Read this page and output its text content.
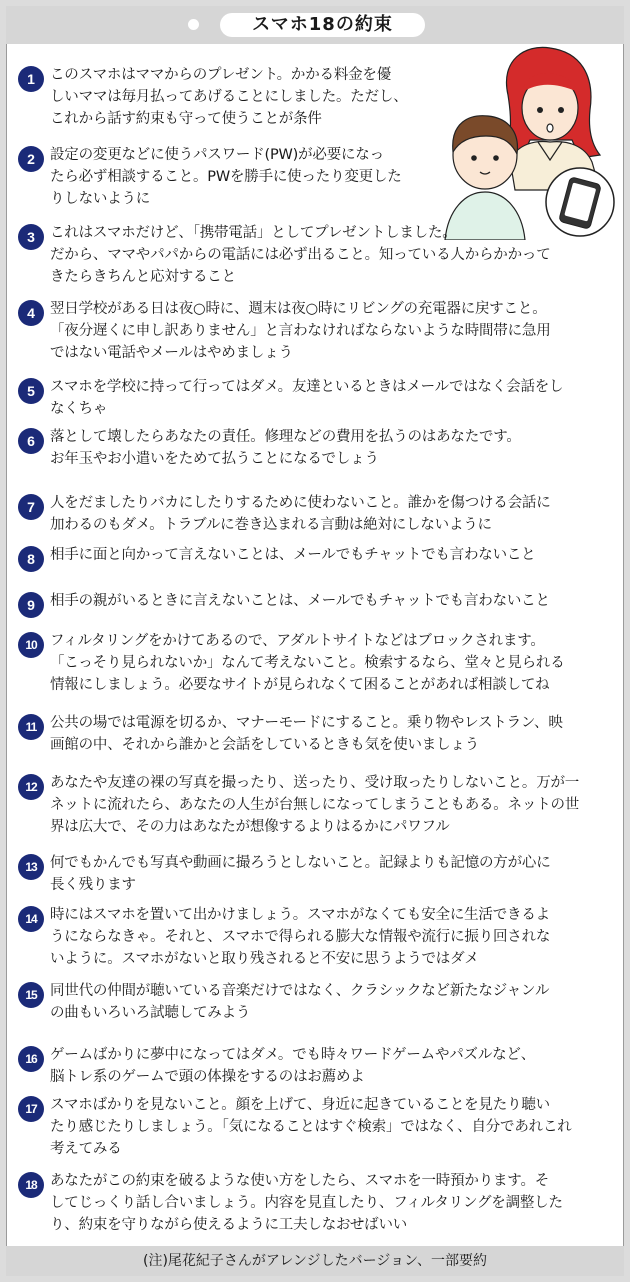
スマホ18の約束
1	このスマホはママからのプレゼント。かかる料金を優
しいママは毎月払ってあげることにしました。ただし、
これから話す約束も守って使うことが条件
2	設定の変更などに使うパスワード(PW)が必要になっ
たら必ず相談すること。PWを勝手に使ったり変更した
りしないように
3	これはスマホだけど、「携帯電話」としてプレゼントしました。
だから、ママやパパからの電話には必ず出ること。知っている人からかかって
きたらきちんと応対すること
4	翌日学校がある日は夜○時に、週末は夜○時にリビングの充電器に戻すこと。
「夜分遅くに申し訳ありません」と言わなければならないような時間帯に急用
ではない電話やメールはやめましょう
5	スマホを学校に持って行ってはダメ。友達といるときはメールではなく会話をし
なくちゃ
6	落として壊したらあなたの責任。修理などの費用を払うのはあなたです。
お年玉やお小遣いをためて払うことになるでしょう
7	人をだましたりバカにしたりするために使わないこと。誰かを傷つける会話に
加わるのもダメ。トラブルに巻き込まれる言動は絶対にしないように
8	相手に面と向かって言えないことは、メールでもチャットでも言わないこと
9	相手の親がいるときに言えないことは、メールでもチャットでも言わないこと
10 フィルタリングをかけてあるので、アダルトサイトなどはブロックされます。
「こっそり見られないか」なんて考えないこと。検索するなら、堂々と見られる
情報にしましょう。必要なサイトが見られなくて困ることがあれば相談してね
11 公共の場では電源を切るか、マナーモードにすること。乗り物やレストラン、映
画館の中、それから誰かと会話をしているときも気を使いましょう
12 あなたや友達の裸の写真を撮ったり、送ったり、受け取ったりしないこと。万が一
ネットに流れたら、あなたの人生が台無しになってしまうこともある。ネットの世
界は広大で、その力はあなたが想像するよりはるかにパワフル
13 何でもかんでも写真や動画に撮ろうとしないこと。記録よりも記憶の方が心に
長く残ります
14 時にはスマホを置いて出かけましょう。スマホがなくても安全に生活できるよ
うにならなきゃ。それと、スマホで得られる膨大な情報や流行に振り回されな
いように。スマホがないと取り残されると不安に思うようではダメ
15 同世代の仲間が聴いている音楽だけではなく、クラシックなど新たなジャンル
の曲もいろいろ試聴してみよう
16 ゲームばかりに夢中になってはダメ。でも時々ワードゲームやパズルなど、
脳トレ系のゲームで頭の体操をするのはお薦めよ
17 スマホばかりを見ないこと。顔を上げて、身近に起きていることを見たり聴い
たり感じたりしましょう。「気になることはすぐ検索」ではなく、自分であれこれ
考えてみる
18 あなたがこの約束を破るような使い方をしたら、スマホを一時預かります。そ
してじっくり話し合いましょう。内容を見直したり、フィルタリングを調整した
り、約束を守りながら使えるように工夫しなおせばいい
(注)尾花紀子さんがアレンジしたバージョン、一部要約
